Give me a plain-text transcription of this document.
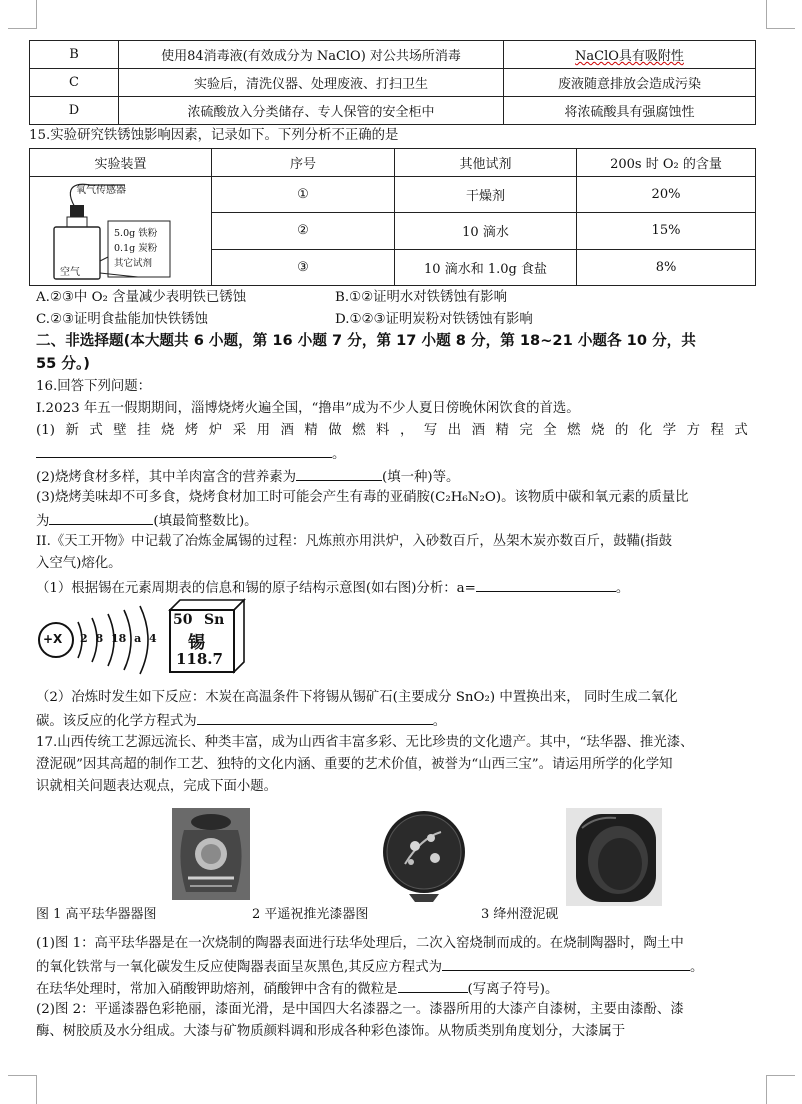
B	使用84消毒液(有效成分为 NaClO) 对公共场所消毒	NaClO具有吸附性
C	实验后，清洗仪器、处理废液、打扫卫生	废液随意排放会造成污染
D	浓硫酸放入分类储存、专人保管的安全柜中	将浓硫酸具有强腐蚀性
15.实验研究铁锈蚀影响因素，记录如下。下列分析不正确的是
实验装置	序号	其他试剂	200s 时 O₂ 的含量

氧气传感器
5.0g 铁粉
0.1g 炭粉
其它试剂
空气	①	干燥剂	20%
	②	10 滴水	15%
	③	10 滴水和 1.0g 食盐	8%
A.②③中 O₂ 含量减少表明铁已锈蚀	B.①②证明水对铁锈蚀有影响
C.②③证明食盐能加快铁锈蚀	D.①②③证明炭粉对铁锈蚀有影响
二、非选择题(本大题共 6 小题，第 16 小题 7 分，第 17 小题 8 分，第 18~21 小题各 10 分，共
55 分。)
16.回答下列问题：
I.2023 年五一假期期间，淄博烧烤火遍全国，“撸串”成为不少人夏日傍晚休闲饮食的首选。
(1) 新 式 壁 挂 烧 烤 炉 采 用 酒 精 做 燃 料 ， 写 出 酒 精 完 全 燃 烧 的 化 学 方 程 式
。
(2)烧烤食材多样，其中羊肉富含的营养素为	(填一种)等。
(3)烧烤美味却不可多食，烧烤食材加工时可能会产生有毒的亚硝胺(C₂H₆N₂O)。该物质中碳和氧元素的质量比
为	(填最简整数比)。
II.《天工开物》中记载了冶炼金属锡的过程：凡炼煎亦用洪炉，入砂数百斤，丛架木炭亦数百斤，鼓鞴(指鼓
入空气)熔化。
（1）根据锡在元素周期表的信息和锡的原子结构示意图(如右图)分析：a=	。
+X 2 8 18 a 4
50 Sn
锡
118.7
（2）冶炼时发生如下反应：木炭在高温条件下将锡从锡矿石(主要成分 SnO₂) 中置换出来， 同时生成二氧化
碳。该反应的化学方程式为	。
17.山西传统工艺源远流长、种类丰富，成为山西省丰富多彩、无比珍贵的文化遗产。其中，“珐华器、推光漆、
澄泥砚”因其高超的制作工艺、独特的文化内涵、重要的艺术价值，被誉为“山西三宝”。请运用所学的化学知
识就相关问题表达观点，完成下面小题。
图 1 高平珐华器器图	2 平遥祝推光漆器图	3 绛州澄泥砚
(1)图 1：高平珐华器是在一次烧制的陶器表面进行珐华处理后，二次入窑烧制而成的。在烧制陶器时，陶土中
的氧化铁常与一氧化碳发生反应使陶器表面呈灰黑色,其反应方程式为	。
在珐华处理时，常加入硝酸钾助熔剂，硝酸钾中含有的微粒是	(写离子符号)。
(2)图 2：平遥漆器色彩艳丽，漆面光滑，是中国四大名漆器之一。漆器所用的大漆产自漆树，主要由漆酚、漆
酶、树胶质及水分组成。大漆与矿物质颜料调和形成各种彩色漆饰。从物质类别角度划分，大漆属于
